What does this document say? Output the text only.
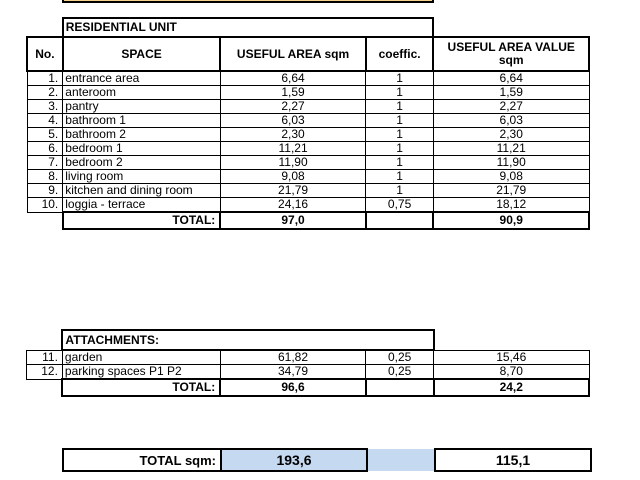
	RESIDENTIAL UNIT			
No.	SPACE	USEFUL AREA sqm	coeffic.	USEFUL AREA VALUE
sqm

1.	entrance area	6,64	1	6,64
2.	anteroom	1,59	1	1,59
3.	pantry	2,27	1	2,27
4.	bathroom 1	6,03	1	6,03
5.	bathroom 2	2,30	1	2,30
6.	bedroom 1	11,21	1	11,21
7.	bedroom 2	11,90	1	11,90
8.	living room	9,08	1	9,08
9.	kitchen and dining room	21,79	1	21,79
10.	loggia - terrace	24,16	0,75	18,12
	TOTAL:	97,0		90,9
	ATTACHMENTS:			
11.	garden	61,82	0,25	15,46
12.	parking spaces P1 P2	34,79	0,25	8,70
	TOTAL:	96,6		24,2
TOTAL sqm:	193,6		115,1
